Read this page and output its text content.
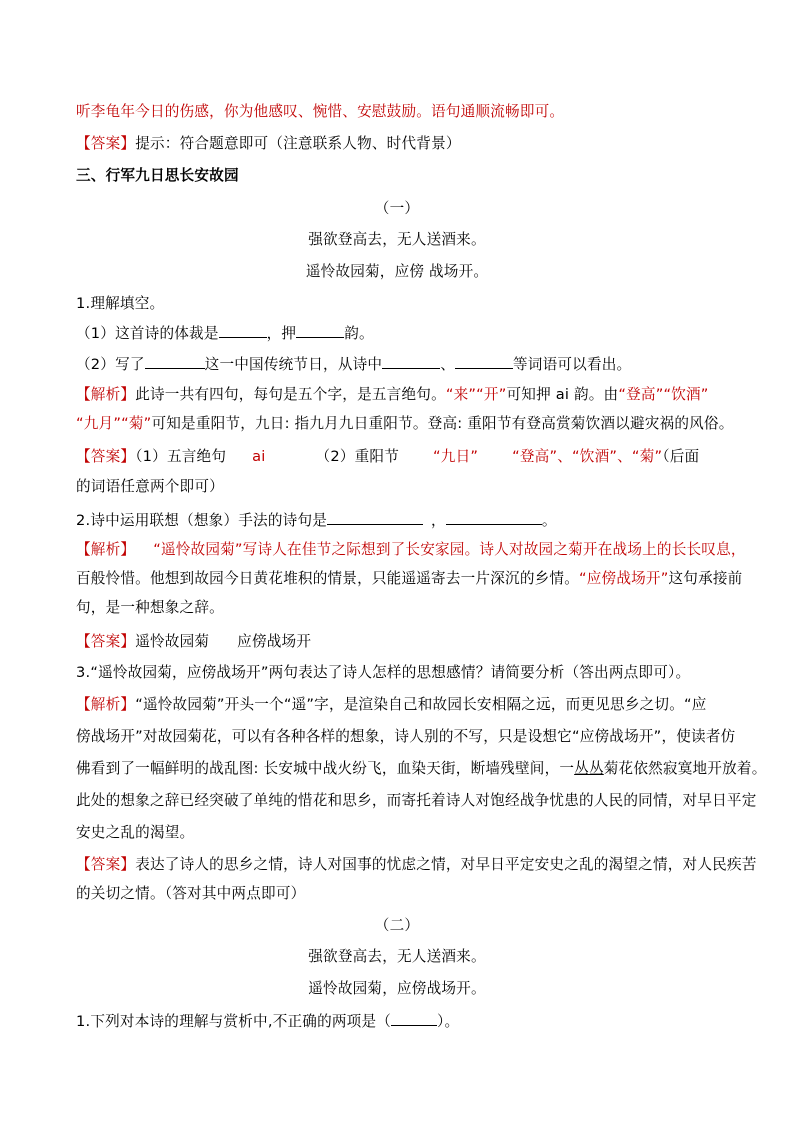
听李龟年今日的伤感，你为他感叹、惋惜、安慰鼓励。语句通顺流畅即可。
【答案】提示：符合题意即可（注意联系人物、时代背景）
三、行军九日思长安故园
（一）
强欲登高去，无人送酒来。
遥怜故园菊，应傍 战场开。
1.理解填空。
（1）这首诗的体裁是	，押	韵。
（2）写了	这一中国传统节日，从诗中	、	等词语可以看出。
【解析】此诗一共有四句，每句是五个字，是五言绝句。“来”“开”可知押 ai 韵。由“登高”“饮酒”
“九月”“菊”可知是重阳节，九日: 指九月九日重阳节。登高: 重阳节有登高赏菊饮酒以避灾祸的风俗。
【答案】（1）五言绝句 ai	（2）重阳节 “九日” “登高”、“饮酒”、“菊”（后面
的词语任意两个即可）
2.诗中运用联想（想象）手法的诗句是	，	。
【解析】 “遥怜故园菊”写诗人在佳节之际想到了长安家园。诗人对故园之菊开在战场上的长长叹息，
百般怜惜。他想到故园今日黄花堆积的情景，只能遥遥寄去一片深沉的乡情。“应傍战场开”这句承接前
句，是一种想象之辞。
【答案】遥怜故园菊 应傍战场开
3.“遥怜故园菊，应傍战场开”两句表达了诗人怎样的思想感情？请简要分析（答出两点即可）。
【解析】“遥怜故园菊”开头一个“遥”字，是渲染自己和故园长安相隔之远，而更见思乡之切。“应
傍战场开”对故园菊花，可以有各种各样的想象，诗人别的不写，只是设想它“应傍战场开”，使读者仿
佛看到了一幅鲜明的战乱图: 长安城中战火纷飞，血染天街，断墙残壁间，一丛丛菊花依然寂寞地开放着。
此处的想象之辞已经突破了单纯的惜花和思乡，而寄托着诗人对饱经战争忧患的人民的同情，对早日平定
安史之乱的渴望。
【答案】表达了诗人的思乡之情，诗人对国事的忧虑之情，对早日平定安史之乱的渴望之情，对人民疾苦
的关切之情。（答对其中两点即可）
（二）
强欲登高去，无人送酒来。
遥怜故园菊，应傍战场开。
1.下列对本诗的理解与赏析中,不正确的两项是（	）。
